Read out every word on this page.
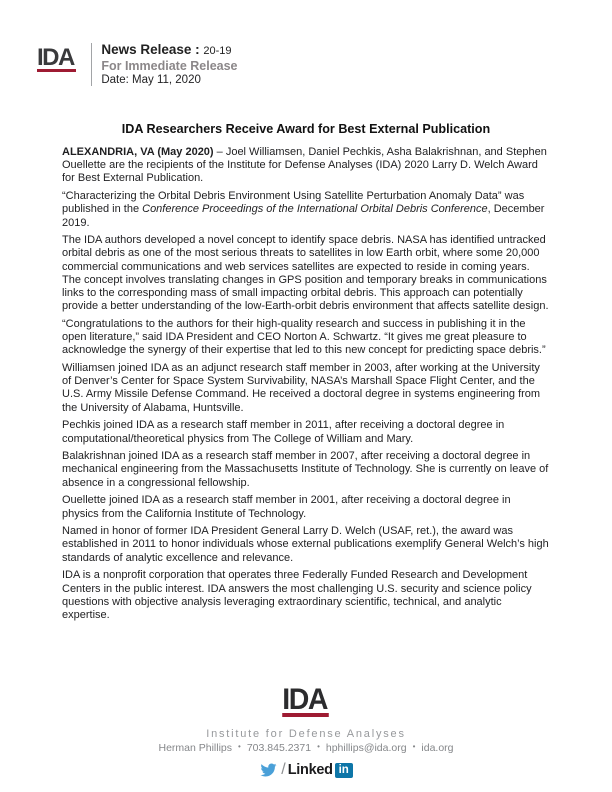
IDA News Release : 20-19
For Immediate Release
Date: May 11, 2020
IDA Researchers Receive Award for Best External Publication

ALEXANDRIA, VA (May 2020) – Joel Williamsen, Daniel Pechkis, Asha Balakrishnan, and Stephen Ouellette are the recipients of the Institute for Defense Analyses (IDA) 2020 Larry D. Welch Award for Best External Publication.

“Characterizing the Orbital Debris Environment Using Satellite Perturbation Anomaly Data” was published in the Conference Proceedings of the International Orbital Debris Conference, December 2019.

The IDA authors developed a novel concept to identify space debris. NASA has identified untracked orbital debris as one of the most serious threats to satellites in low Earth orbit, where some 20,000 commercial communications and web services satellites are expected to reside in coming years. The concept involves translating changes in GPS position and temporary breaks in communications links to the corresponding mass of small impacting orbital debris. This approach can potentially provide a better understanding of the low-Earth-orbit debris environment that affects satellite design.

“Congratulations to the authors for their high-quality research and success in publishing it in the open literature,” said IDA President and CEO Norton A. Schwartz. “It gives me great pleasure to acknowledge the synergy of their expertise that led to this new concept for predicting space debris.”

Williamsen joined IDA as an adjunct research staff member in 2003, after working at the University of Denver’s Center for Space System Survivability, NASA’s Marshall Space Flight Center, and the U.S. Army Missile Defense Command. He received a doctoral degree in systems engineering from the University of Alabama, Huntsville.

Pechkis joined IDA as a research staff member in 2011, after receiving a doctoral degree in computational/theoretical physics from The College of William and Mary.

Balakrishnan joined IDA as a research staff member in 2007, after receiving a doctoral degree in mechanical engineering from the Massachusetts Institute of Technology. She is currently on leave of absence in a congressional fellowship.

Ouellette joined IDA as a research staff member in 2001, after receiving a doctoral degree in physics from the California Institute of Technology.

Named in honor of former IDA President General Larry D. Welch (USAF, ret.), the award was established in 2011 to honor individuals whose external publications exemplify General Welch’s high standards of analytic excellence and relevance.

IDA is a nonprofit corporation that operates three Federally Funded Research and Development Centers in the public interest. IDA answers the most challenging U.S. security and science policy questions with objective analysis leveraging extraordinary scientific, technical, and analytic expertise.

IDA
Institute for Defense Analyses
Herman Phillips • 703.845.2371 • hphillips@ida.org • ida.org
/ Linked in
